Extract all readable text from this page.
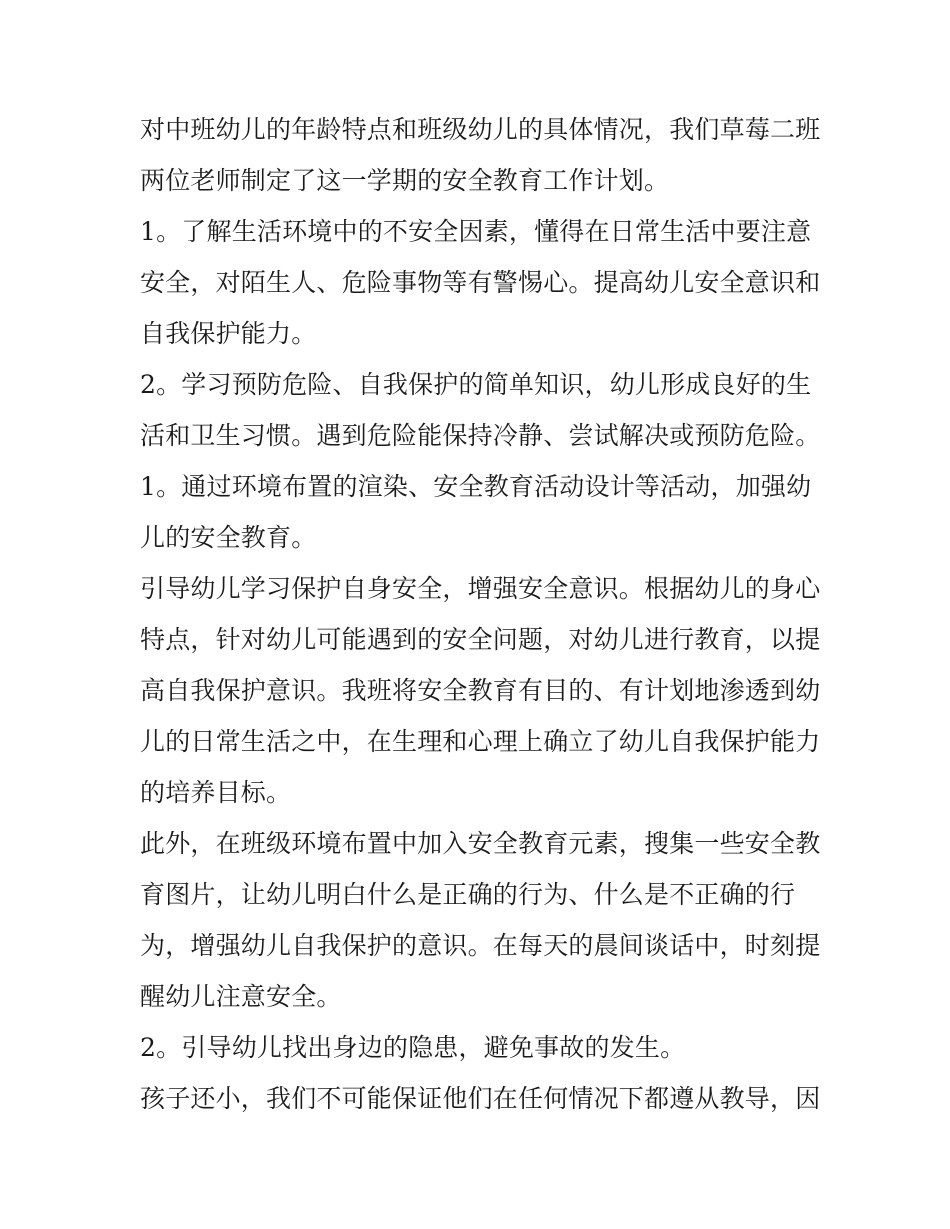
对中班幼儿的年龄特点和班级幼儿的具体情况，我们草莓二班
两位老师制定了这一学期的安全教育工作计划。
1。了解生活环境中的不安全因素，懂得在日常生活中要注意
安全，对陌生人、危险事物等有警惕心。提高幼儿安全意识和
自我保护能力。
2。学习预防危险、自我保护的简单知识，幼儿形成良好的生
活和卫生习惯。遇到危险能保持冷静、尝试解决或预防危险。
1。通过环境布置的渲染、安全教育活动设计等活动，加强幼
儿的安全教育。
引导幼儿学习保护自身安全，增强安全意识。根据幼儿的身心
特点，针对幼儿可能遇到的安全问题，对幼儿进行教育，以提
高自我保护意识。我班将安全教育有目的、有计划地渗透到幼
儿的日常生活之中，在生理和心理上确立了幼儿自我保护能力
的培养目标。
此外，在班级环境布置中加入安全教育元素，搜集一些安全教
育图片，让幼儿明白什么是正确的行为、什么是不正确的行
为，增强幼儿自我保护的意识。在每天的晨间谈话中，时刻提
醒幼儿注意安全。
2。引导幼儿找出身边的隐患，避免事故的发生。
孩子还小，我们不可能保证他们在任何情况下都遵从教导，因
